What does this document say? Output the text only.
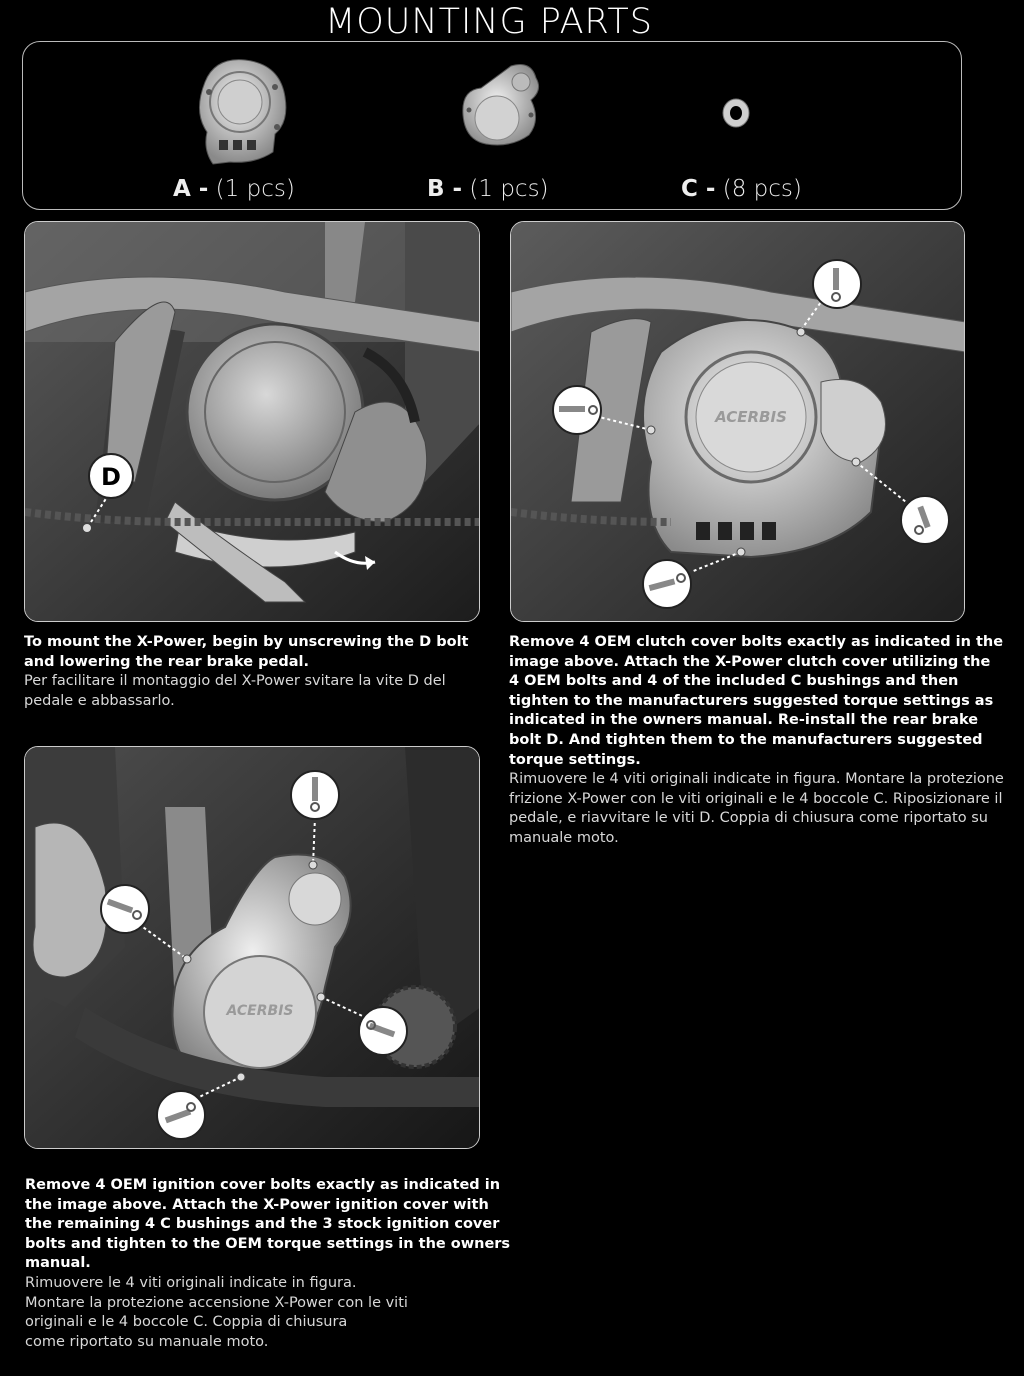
MOUNTING PARTS
A - (1 pcs)	B - (1 pcs)	C - (8 pcs)
D
ACERBIS

To mount the X-Power, begin by unscrewing the D bolt and lowering the rear brake pedal.

Per facilitare il montaggio del X-Power svitare la vite D del pedale e abbassarlo.

Remove 4 OEM clutch cover bolts exactly as indicated in the image above. Attach the X-Power clutch cover utilizing the 4 OEM bolts and 4 of the included C bushings and then tighten to the manufacturers suggested torque settings as indicated in the owners manual. Re-install the rear brake bolt D. And tighten them to the manufacturers suggested torque settings.

Rimuovere le 4 viti originali indicate in figura. Montare la protezione frizione X-Power con le viti originali e le 4 boccole C. Riposizionare il pedale, e riavvitare le viti D. Coppia di chiusura come riportato su manuale moto.

ACERBIS

Remove 4 OEM ignition cover bolts exactly as indicated in the image above. Attach the X-Power ignition cover with the remaining 4 C bushings and the 3 stock ignition cover bolts and tighten to the OEM torque settings in the owners manual.

Rimuovere le 4 viti originali indicate in figura.

Montare la protezione accensione X-Power con le viti

originali e le 4 boccole C. Coppia di chiusura

come riportato su manuale moto.
